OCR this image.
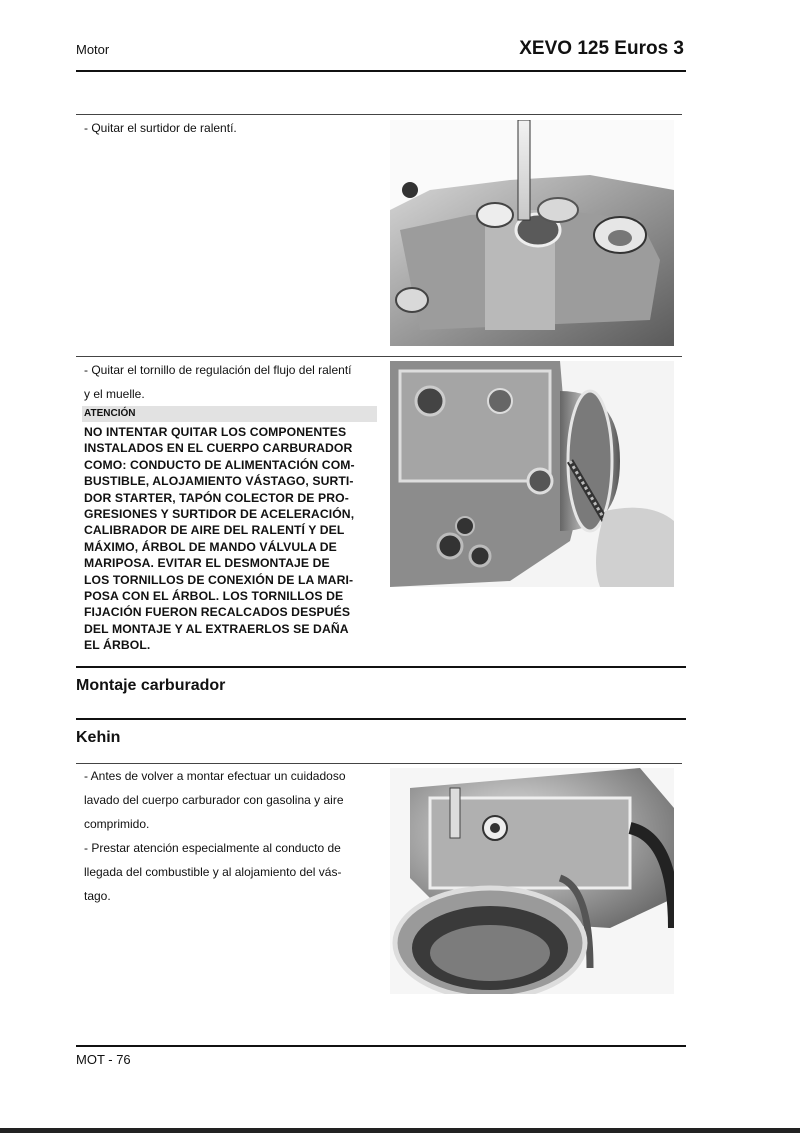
Motor	XEVO 125 Euros 3
- Quitar el surtidor de ralentí.
- Quitar el tornillo de regulación del flujo del ralentí
y el muelle.
ATENCIÓN
NO INTENTAR QUITAR LOS COMPONENTES
INSTALADOS EN EL CUERPO CARBURADOR
COMO: CONDUCTO DE ALIMENTACIÓN COM-
BUSTIBLE, ALOJAMIENTO VÁSTAGO, SURTI-
DOR STARTER, TAPÓN COLECTOR DE PRO-
GRESIONES Y SURTIDOR DE ACELERACIÓN,
CALIBRADOR DE AIRE DEL RALENTÍ Y DEL
MÁXIMO, ÁRBOL DE MANDO VÁLVULA DE
MARIPOSA. EVITAR EL DESMONTAJE DE
LOS TORNILLOS DE CONEXIÓN DE LA MARI-
POSA CON EL ÁRBOL. LOS TORNILLOS DE
FIJACIÓN FUERON RECALCADOS DESPUÉS
DEL MONTAJE Y AL EXTRAERLOS SE DAÑA
EL ÁRBOL.
Montaje carburador
Kehin
- Antes de volver a montar efectuar un cuidadoso
lavado del cuerpo carburador con gasolina y aire
comprimido.
- Prestar atención especialmente al conducto de
llegada del combustible y al alojamiento del vás-
tago.
MOT - 76
